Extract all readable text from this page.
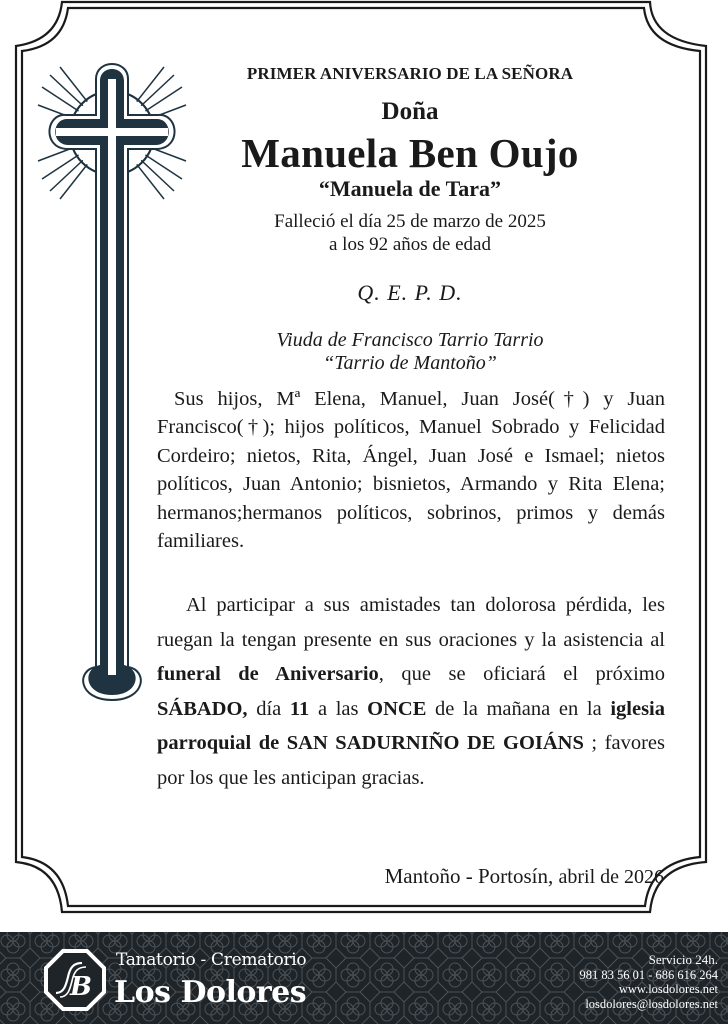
PRIMER ANIVERSARIO DE LA SEÑORA
Doña
Manuela Ben Oujo
“Manuela de Tara”
Falleció el día 25 de marzo de 2025
a los 92 años de edad
Q. E. P. D.
Viuda de Francisco Tarrio Tarrio
“Tarrio de Mantoño”
Sus hijos, Mª Elena, Manuel, Juan José(†) y Juan Francisco(†); hijos políticos, Manuel Sobrado y Felicidad Cordeiro; nietos, Rita, Ángel, Juan José e Ismael; nietos políticos, Juan Antonio; bisnietos, Armando y Rita Elena; hermanos;hermanos políticos, sobrinos, primos y demás familiares.
Al participar a sus amistades tan dolorosa pérdida, les ruegan la tengan presente en sus oraciones y la asistencia al funeral de Aniversario, que se oficiará el próximo SÁBADO, día 11 a las ONCE de la mañana en la iglesia parroquial de SAN SADURNIÑO DE GOIÁNS ; favores por los que les anticipan gracias.
Mantoño - Portosín, abril de 2026
B
Tanatorio - Crematorio
Los Dolores
Servicio 24h.
981 83 56 01 - 686 616 264
www.losdolores.net
losdolores@losdolores.net
